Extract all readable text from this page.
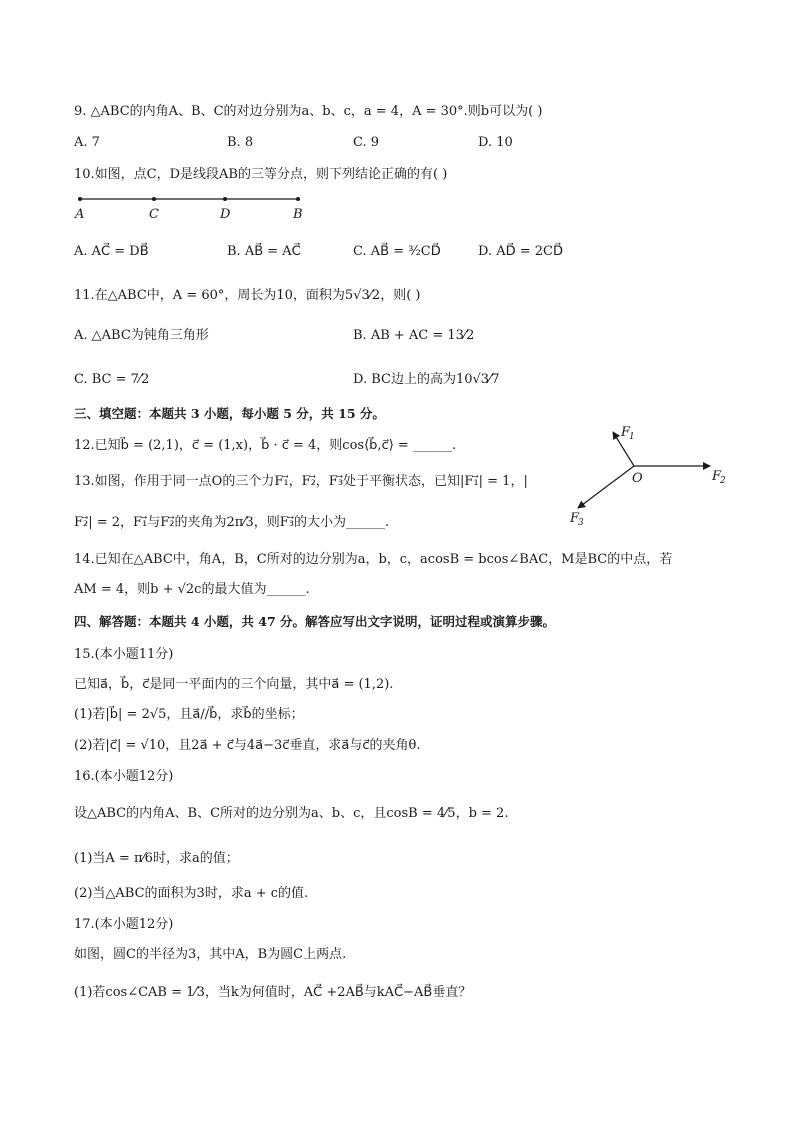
9. △ABC的内角A、B、C的对边分别为a、b、c，a = 4，A = 30°.则b可以为( )
A. 7	B. 8	C. 9	D. 10
10.如图，点C，D是线段AB的三等分点，则下列结论正确的有( )
A	C	D	B
A. AC⃗ = DB⃗	B. AB⃗ = AC⃗	C. AB⃗ = ³⁄₂CD⃗	D. AD⃗ = 2CD⃗
11.在△ABC中，A = 60°，周长为10，面积为5√3⁄2，则( )
A. △ABC为钝角三角形	B. AB + AC = 13⁄2
C. BC = 7⁄2	D. BC边上的高为10√3⁄7
三、填空题：本题共 3 小题，每小题 5 分，共 15 分。
12.已知b⃗ = (2,1)，c⃗ = (1,x)，b⃗ · c⃗ = 4，则cos⟨b⃗,c⃗⟩ = ______.
13.如图，作用于同一点O的三个力F₁⃗，F₂⃗，F₃⃗处于平衡状态，已知|F₁⃗| = 1，|
F₂⃗| = 2，F₁⃗与F₂⃗的夹角为2π⁄3，则F₃⃗的大小为______.
F
1
F
2
F
3
O
14.已知在△ABC中，角A，B，C所对的边分别为a，b，c，acosB = bcos∠BAC，M是BC的中点，若
AM = 4，则b + √2c的最大值为______.
四、解答题：本题共 4 小题，共 47 分。解答应写出文字说明，证明过程或演算步骤。
15.(本小题11分)
已知a⃗，b⃗，c⃗是同一平面内的三个向量，其中a⃗ = (1,2).
(1)若|b⃗| = 2√5，且a⃗//b⃗，求b⃗的坐标；
(2)若|c⃗| = √10，且2a⃗ + c⃗与4a⃗−3c⃗垂直，求a⃗与c⃗的夹角θ.
16.(本小题12分)
设△ABC的内角A、B、C所对的边分别为a、b、c，且cosB = 4⁄5，b = 2.
(1)当A = π⁄6时，求a的值；
(2)当△ABC的面积为3时，求a + c的值.
17.(本小题12分)
如图，圆C的半径为3，其中A，B为圆C上两点.
(1)若cos∠CAB = 1⁄3，当k为何值时，AC⃗ +2AB⃗与kAC⃗−AB⃗垂直？
